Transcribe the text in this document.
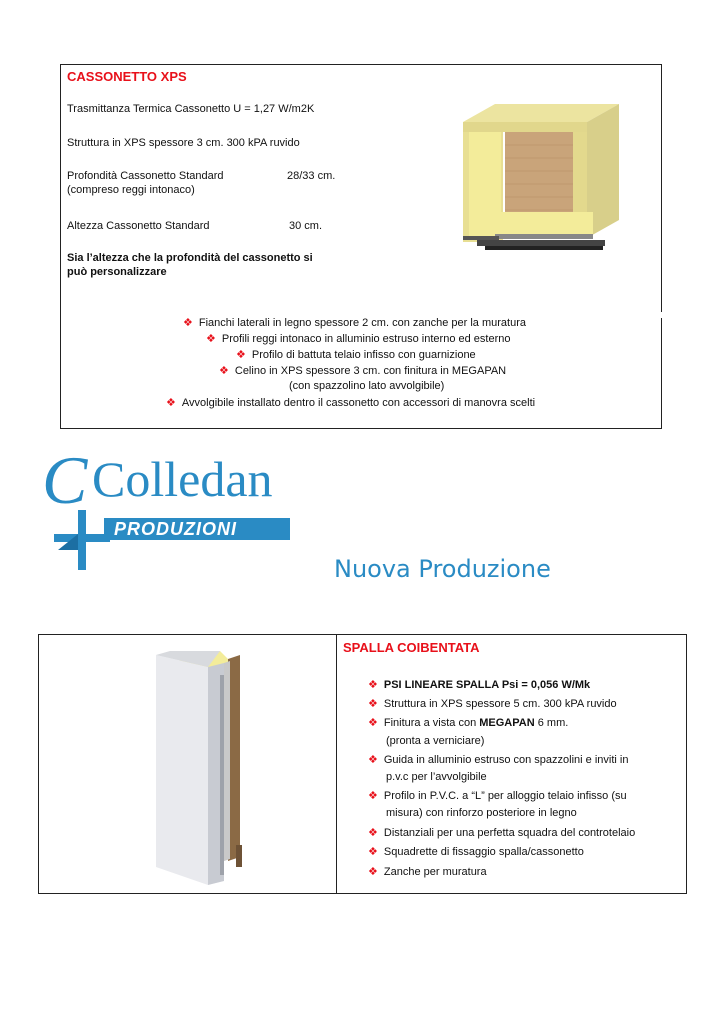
CASSONETTO XPS
Trasmittanza Termica Cassonetto U = 1,27 W/m2K
Struttura in XPS spessore 3 cm. 300 kPA ruvido
Profondità Cassonetto Standard	28/33 cm.
(compreso reggi intonaco)
Altezza Cassonetto Standard	30 cm.
Sia l’altezza che la profondità del cassonetto si
può personalizzare
❖ Fianchi laterali in legno spessore 2 cm. con zanche per la muratura
❖ Profili reggi intonaco in alluminio estruso interno ed esterno
❖ Profilo di battuta telaio infisso con guarnizione
❖ Celino in XPS spessore 3 cm. con finitura in MEGAPAN
(con spazzolino lato avvolgibile)
❖ Avvolgibile installato dentro il cassonetto con accessori di manovra scelti
C Colledan
PRODUZIONI
Nuova Produzione
SPALLA COIBENTATA
❖ PSI LINEARE SPALLA Psi = 0,056 W/Mk
❖ Struttura in XPS spessore 5 cm. 300 kPA ruvido
❖ Finitura a vista con MEGAPAN 6 mm.
(pronta a verniciare)
❖ Guida in alluminio estruso con spazzolini e inviti in
p.v.c per l’avvolgibile
❖ Profilo in P.V.C. a “L” per alloggio telaio infisso (su
misura) con rinforzo posteriore in legno
❖ Distanziali per una perfetta squadra del controtelaio
❖ Squadrette di fissaggio spalla/cassonetto
❖ Zanche per muratura
